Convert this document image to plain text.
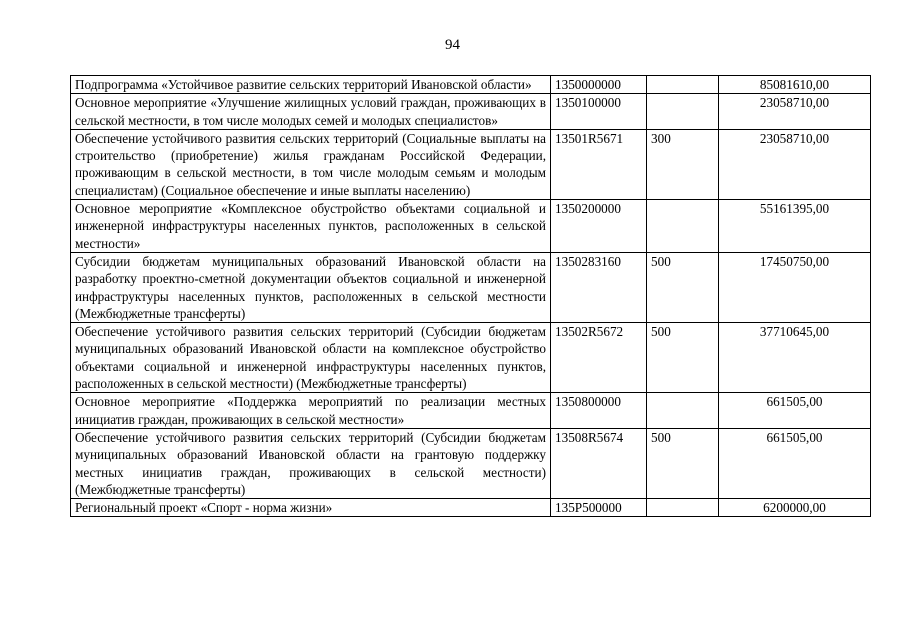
94
Подпрограмма «Устойчивое развитие сельских территорий Ивановской области»	1350000000		85081610,00
Основное мероприятие «Улучшение жилищных условий граждан, проживающих в сельской местности, в том числе молодых семей и молодых специалистов»	1350100000		23058710,00
Обеспечение устойчивого развития сельских территорий (Социальные выплаты на строительство (приобретение) жилья гражданам Российской Федерации, проживающим в сельской местности, в том числе молодым семьям и молодым специалистам) (Социальное обеспечение и иные выплаты населению)	13501R5671	300	23058710,00
Основное мероприятие «Комплексное обустройство объектами социальной и инженерной инфраструктуры населенных пунктов, расположенных в сельской местности»	1350200000		55161395,00
Субсидии бюджетам муниципальных образований Ивановской области на разработку проектно-сметной документации объектов социальной и инженерной инфраструктуры населенных пунктов, расположенных в сельской местности (Межбюджетные трансферты)	1350283160	500	17450750,00
Обеспечение устойчивого развития сельских территорий (Субсидии бюджетам муниципальных образований Ивановской области на комплексное обустройство объектами социальной и инженерной инфраструктуры населенных пунктов, расположенных в сельской местности) (Межбюджетные трансферты)	13502R5672	500	37710645,00
Основное мероприятие «Поддержка мероприятий по реализации местных инициатив граждан, проживающих в сельской местности»	1350800000		661505,00
Обеспечение устойчивого развития сельских территорий (Субсидии бюджетам муниципальных образований Ивановской области на грантовую поддержку местных инициатив граждан, проживающих в сельской местности) (Межбюджетные трансферты)	13508R5674	500	661505,00
Региональный проект «Спорт - норма жизни»	135P500000		6200000,00
